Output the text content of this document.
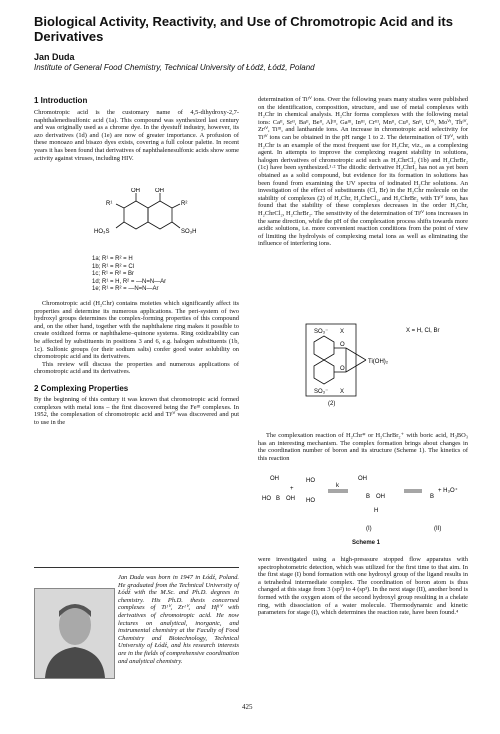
Biological Activity, Reactivity, and Use of Chromotropic Acid and its Derivatives
Jan Duda
Institute of General Food Chemistry, Technical University of Łódź, Łódź, Poland
1 Introduction

Chromotropic acid is the customary name of 4,5-dihydroxy-2,7-naphthalenedisulfonic acid (1a). This compound was synthesized last century and was originally used as a chrome dye. In the dyestuff industry, however, its azo derivatives (1d) and (1e) are now of greater importance. A profusion of these monoazo and bisazo dyes exists, covering a full colour palette. In recent years it has been found that derivatives of naphthalenesulfonic acids show some activity against viruses, including HIV.

OH	OH
R¹	R²
HO₃S	SO₃H
1a; R¹ = R² = H
1b; R¹ = R² = Cl
1c; R¹ = R² = Br
1d; R¹ = H, R² = —N=N—Ar
1e; R¹ = R² = —N=N—Ar

Chromotropic acid (H₂Chr) contains moieties which significantly affect its properties and determine its numerous applications. The peri-system of two hydroxyl groups determines the complex-forming properties of this compound and, on the other hand, together with the naphthalene ring makes it possible to create oxidized forms or naphthalene–quinone systems. Ring oxidizability can be affected by substituents in positions 3 and 6, e.g. halogen substituents (1b, 1c). Sulfonic groups (or their sodium salts) confer good water solubility on chromotropic acid and its derivatives.

This review will discuss the properties and numerous applications of chromotropic acid and its derivatives.

2 Complexing Properties

By the beginning of this century it was known that chromotropic acid formed complexes with metal ions – the first discovered being the Feᴵᴵᴵ complexes. In 1952, the complexation of chromotropic acid and Tiᴵⱽ was discovered and put to use in the

Jan Duda was born in 1947 in Łódź, Poland. He graduated from the Technical University of Łódź with the M.Sc. and Ph.D. degrees in chemistry. His Ph.D. thesis concerned complexes of Tiᴵⱽ, Zrᴵⱽ, and Hfᴵⱽ with derivatives of chromotropic acid. He now lectures on analytical, inorganic, and instrumental chemistry at the Faculty of Food Chemistry and Biotechnology, Technical University of Łódź, and his research interests are in the fields of comprehensive coordination and analytical chemistry.

determination of Tiᴵⱽ ions. Over the following years many studies were published on the identification, composition, structure, and use of metal complexes with H₂Chr in chemical analysis. H₂Chr forms complexes with the following metal ions: Caᴵᴵ, Srᴵᴵ, Baᴵᴵ, Beᴵᴵ, Alᴵᴵᴵ, Gaᴵᴵᴵ, Inᴵᴵᴵ, Crᴵᴵᴵ, Mnᴵᴵ, Cuᴵᴵ, Snᴵᴵ, Uⱽᴵ, Moⱽᴵ, Thᴵⱽ, Zrᴵⱽ, Tiᴵᴵᴵ, and lanthanide ions. An increase in chromotropic acid selectivity for Tiᴵⱽ ions can be obtained in the pH range 1 to 2. The determination of Tiᴵⱽ, with H₂Chr is an example of the most frequent use for H₂Chr, viz., as a complexing agent. In attempts to improve the complexing reagent stability in solutions, halogen derivatives of chromotropic acid such as H₂ChrCl₂ (1b) and H₂ChrBr₂ (1c) have been synthesized.¹·² The diiodic derivative H₂ChrI₂ has not as yet been obtained as a solid compound, but evidence for its formation in solutions has been found from examining the UV spectra of iodinated H₂Chr solutions. An investigation of the effect of substituents (Cl, Br) in the H₂Chr molecule on the stability of complexes (2) of H₂Chr, H₂ChrCl₂, and H₂ChrBr₂ with Tiᴵⱽ ions, has found that the stability of these complexes decreases in the order H₂Chr, H₂ChrCl₂, H₂ChrBr₂. The sensitivity of the determination of Tiᴵⱽ ions increases in the same direction, while the pH of the complexation process shifts towards more acidic solutions, i.e. more convenient reaction conditions from the point of view of limiting the hydrolysis of complexing metal ions as well as eliminating the influence of interfering ions.

SO₃⁻ X
O
O
Ti(OH)₂
SO₃⁻ X
(2)
X = H, Cl, Br

The complexation reaction of H₂Chr* or H₂ChrBr₂⁺ with boric acid, H₃BO₃ has an interesting mechanism. The complex formation brings about changes in the coordination number of boron and its structure (Scheme 1). The kinetics of this reaction

OH
HO B OH
+
HO
HO
k
OH
B OH
H
(I)
B
+ H₃O⁺
(II)
Scheme 1

were investigated using a high-presssure stopped flow apparatus with spectrophotometric detection, which was utilized for the first time to that aim. In the first stage (I) bond formation with one hydroxyl group of the ligand results in a tetrahedral intermediate complex. The coordination of boron atom is thus changed at this stage from 3 (sp²) to 4 (sp³). In the next stage (II), another bond is formed with the oxygen atom of the second hydroxyl group resulting in a chelate ring, with dissociation of a water molecule. Thermodynamic and kinetic parameters for stage (I), which determines the reaction rate, have been found.⁴

425
